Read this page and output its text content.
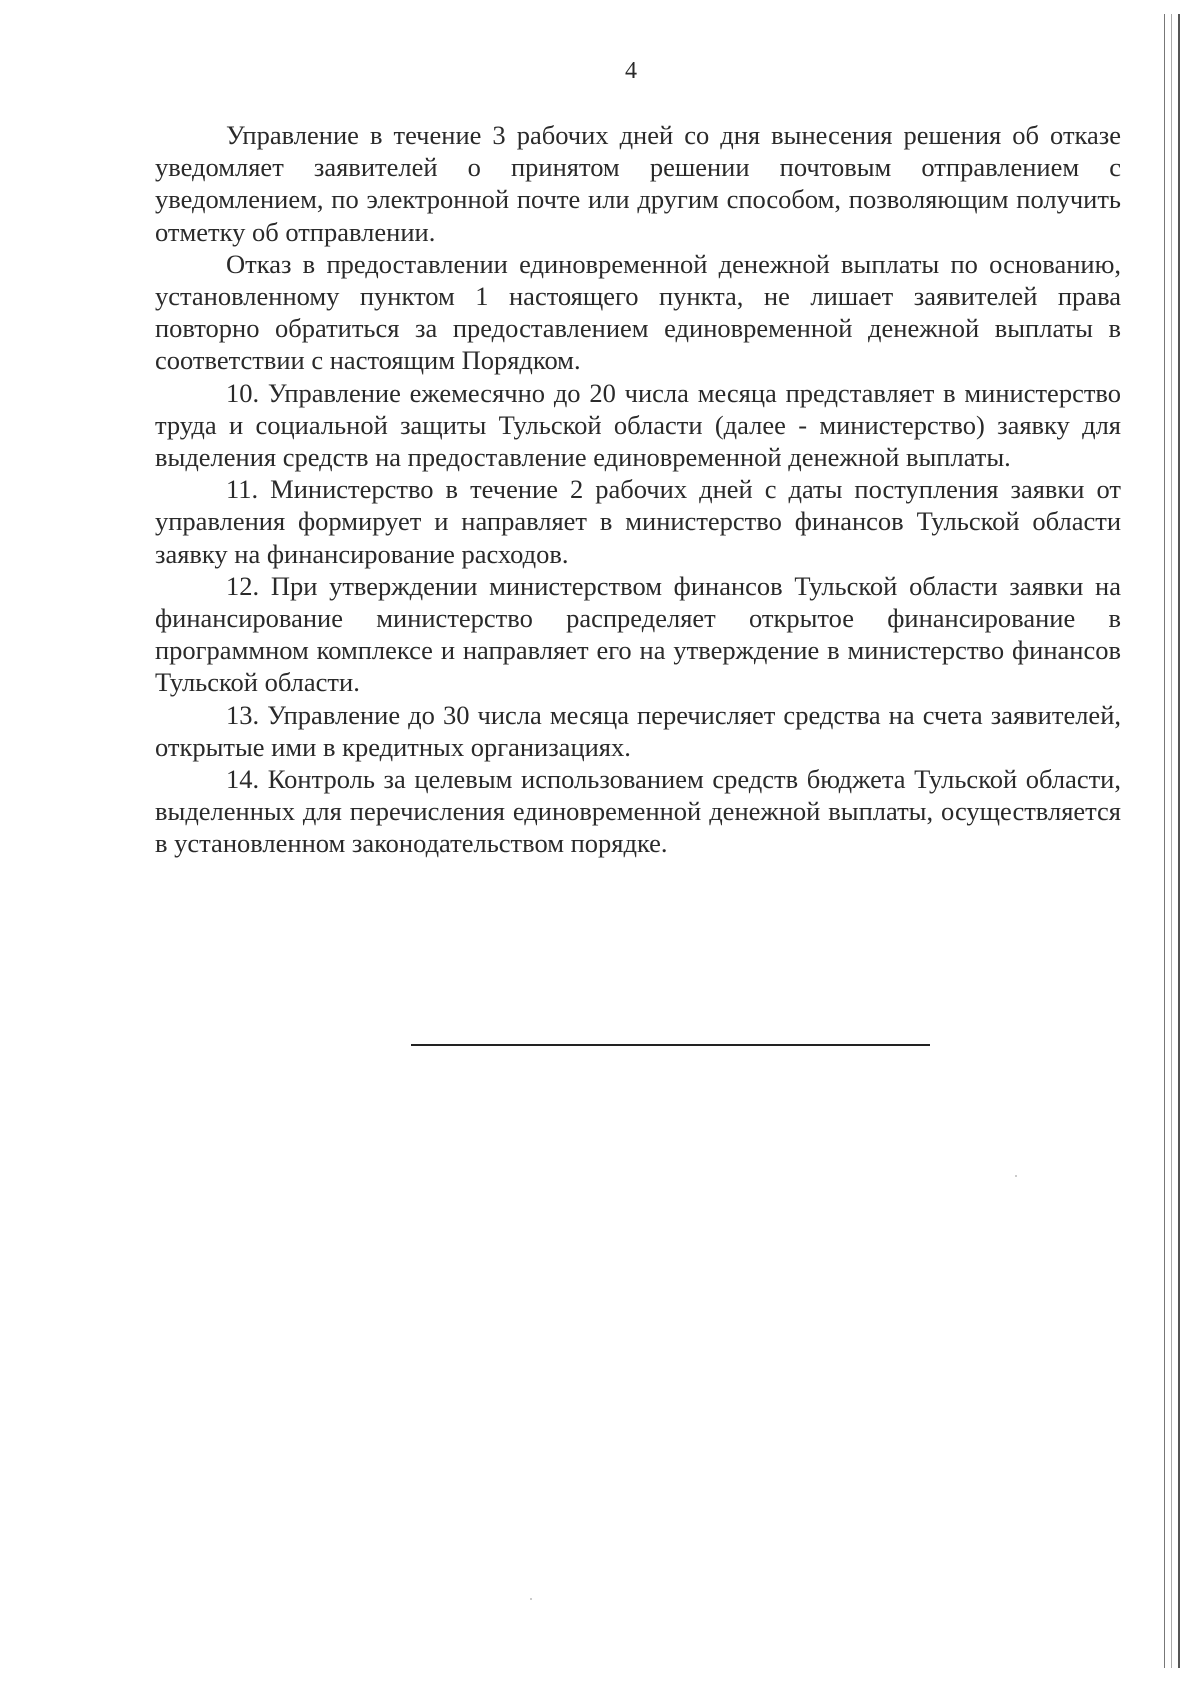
4

Управление в течение 3 рабочих дней со дня вынесения решения об отказе уведомляет заявителей о принятом решении почтовым отправлением с уведомлением, по электронной почте или другим способом, позволяющим получить отметку об отправлении.

Отказ в предоставлении единовременной денежной выплаты по основанию, установленному пунктом 1 настоящего пункта, не лишает заявителей права повторно обратиться за предоставлением единовременной денежной выплаты в соответствии с настоящим Порядком.

10. Управление ежемесячно до 20 числа месяца представляет в министерство труда и социальной защиты Тульской области (далее - министерство) заявку для выделения средств на предоставление единовременной денежной выплаты.

11. Министерство в течение 2 рабочих дней с даты поступления заявки от управления формирует и направляет в министерство финансов Тульской области заявку на финансирование расходов.

12. При утверждении министерством финансов Тульской области заявки на финансирование министерство распределяет открытое финансирование в программном комплексе и направляет его на утверждение в министерство финансов Тульской области.

13. Управление до 30 числа месяца перечисляет средства на счета заявителей, открытые ими в кредитных организациях.

14. Контроль за целевым использованием средств бюджета Тульской области, выделенных для перечисления единовременной денежной выплаты, осуществляется в установленном законодательством порядке.
